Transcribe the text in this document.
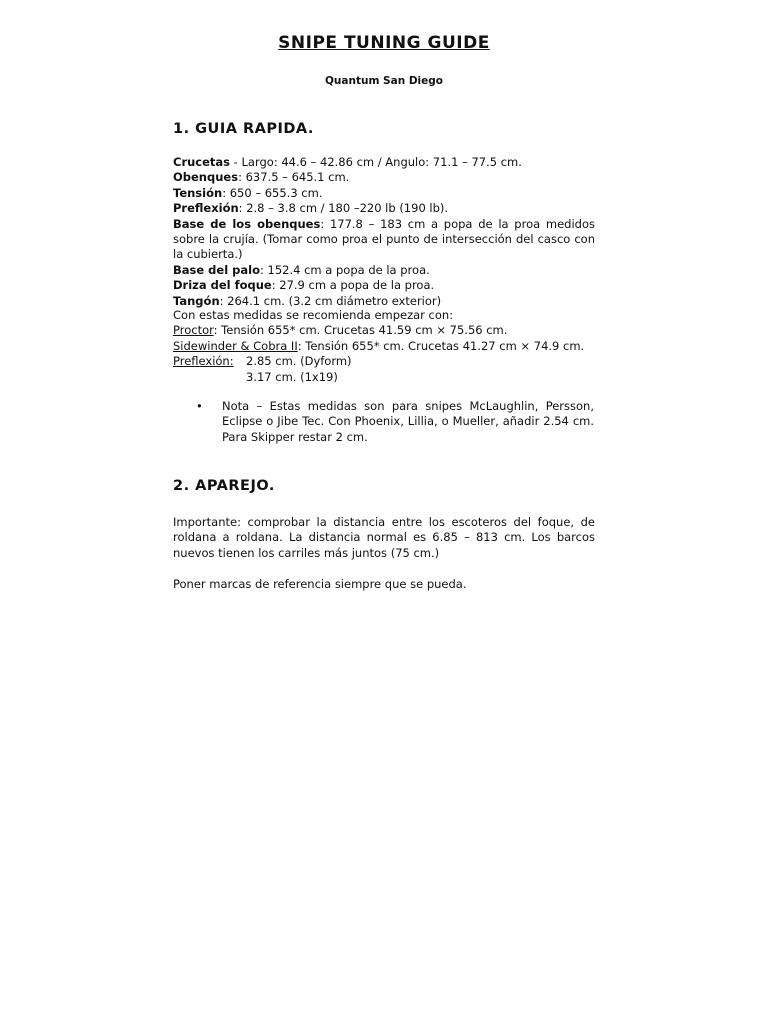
SNIPE TUNING GUIDE
Quantum San Diego
1. GUIA RAPIDA.
Crucetas - Largo: 44.6 – 42.86 cm / Angulo: 71.1 – 77.5 cm.
Obenques: 637.5 – 645.1 cm.
Tensión: 650 – 655.3 cm.
Preflexión: 2.8 – 3.8 cm / 180 –220 lb (190 lb).
Base de los obenques: 177.8 – 183 cm a popa de la proa medidos sobre la crujía. (Tomar como proa el punto de intersección del casco con la cubierta.)
Base del palo: 152.4 cm a popa de la proa.
Driza del foque: 27.9 cm a popa de la proa.
Tangón: 264.1 cm. (3.2 cm diámetro exterior)
Con estas medidas se recomienda empezar con:
Proctor: Tensión 655* cm. Crucetas 41.59 cm × 75.56 cm.
Sidewinder & Cobra II: Tensión 655* cm. Crucetas 41.27 cm × 74.9 cm.
Preflexión: 2.85 cm. (Dyform)
3.17 cm. (1x19)
• Nota – Estas medidas son para snipes McLaughlin, Persson, Eclipse o Jibe Tec. Con Phoenix, Lillia, o Mueller, añadir 2.54 cm. Para Skipper restar 2 cm.
2. APAREJO.
Importante: comprobar la distancia entre los escoteros del foque, de roldana a roldana. La distancia normal es 6.85 – 813 cm. Los barcos nuevos tienen los carriles más juntos (75 cm.)
Poner marcas de referencia siempre que se pueda.
